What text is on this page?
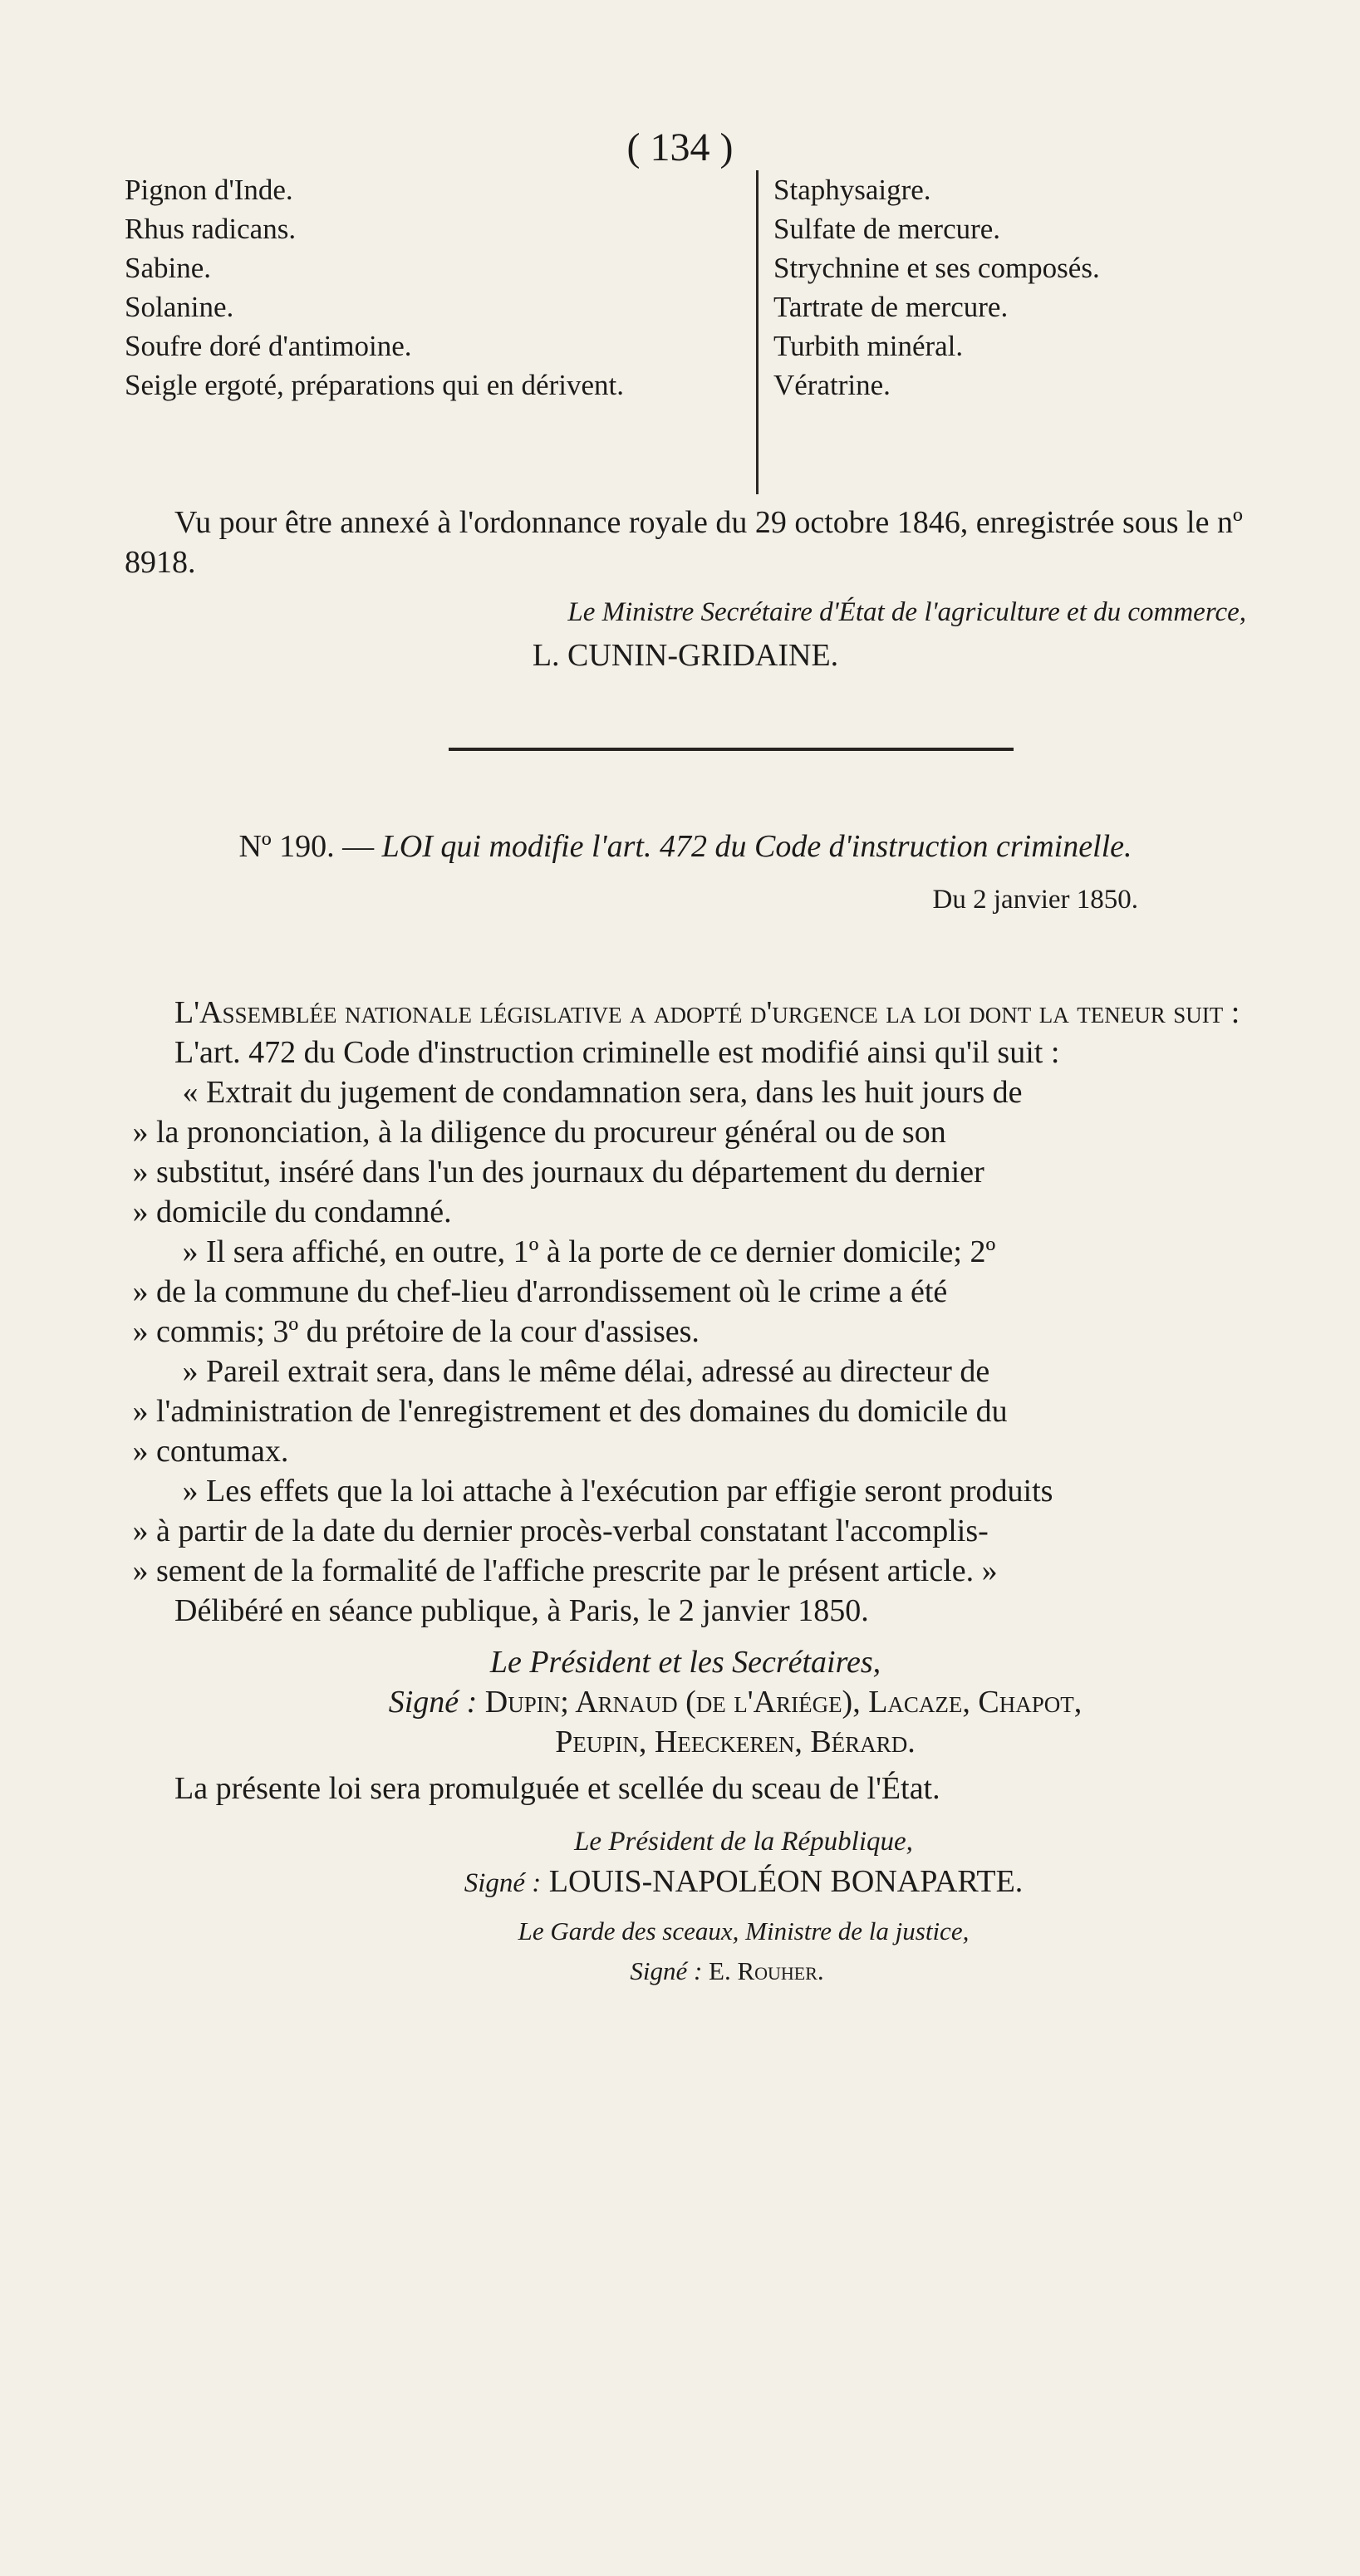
( 134 )
Pignon d'Inde.
Rhus radicans.
Sabine.
Solanine.
Soufre doré d'antimoine.
Seigle ergoté, préparations qui en dérivent.
Staphysaigre.
Sulfate de mercure.
Strychnine et ses composés.
Tartrate de mercure.
Turbith minéral.
Vératrine.
Vu pour être annexé à l'ordonnance royale du 29 octobre 1846, enregistrée sous le nº 8918.
Le Ministre Secrétaire d'État de l'agriculture et du commerce,
L. CUNIN-GRIDAINE.
Nº 190. — LOI qui modifie l'art. 472 du Code d'instruction criminelle.
Du 2 janvier 1850.
L'Assemblée nationale législative a adopté d'urgence la loi dont la teneur suit :
L'art. 472 du Code d'instruction criminelle est modifié ainsi qu'il suit :
« Extrait du jugement de condamnation sera, dans les huit jours de
» la prononciation, à la diligence du procureur général ou de son
» substitut, inséré dans l'un des journaux du département du dernier
» domicile du condamné.
» Il sera affiché, en outre, 1º à la porte de ce dernier domicile; 2º
» de la commune du chef-lieu d'arrondissement où le crime a été
» commis; 3º du prétoire de la cour d'assises.
» Pareil extrait sera, dans le même délai, adressé au directeur de
» l'administration de l'enregistrement et des domaines du domicile du
» contumax.
» Les effets que la loi attache à l'exécution par effigie seront produits
» à partir de la date du dernier procès-verbal constatant l'accomplis-
» sement de la formalité de l'affiche prescrite par le présent article. »
Délibéré en séance publique, à Paris, le 2 janvier 1850.
Le Président et les Secrétaires,
Signé : Dupin; Arnaud (de l'Ariége), Lacaze, Chapot,
Peupin, Heeckeren, Bérard.
La présente loi sera promulguée et scellée du sceau de l'État.
Le Président de la République,
Signé : LOUIS-NAPOLÉON BONAPARTE.
Le Garde des sceaux, Ministre de la justice,
Signé : E. Rouher.
